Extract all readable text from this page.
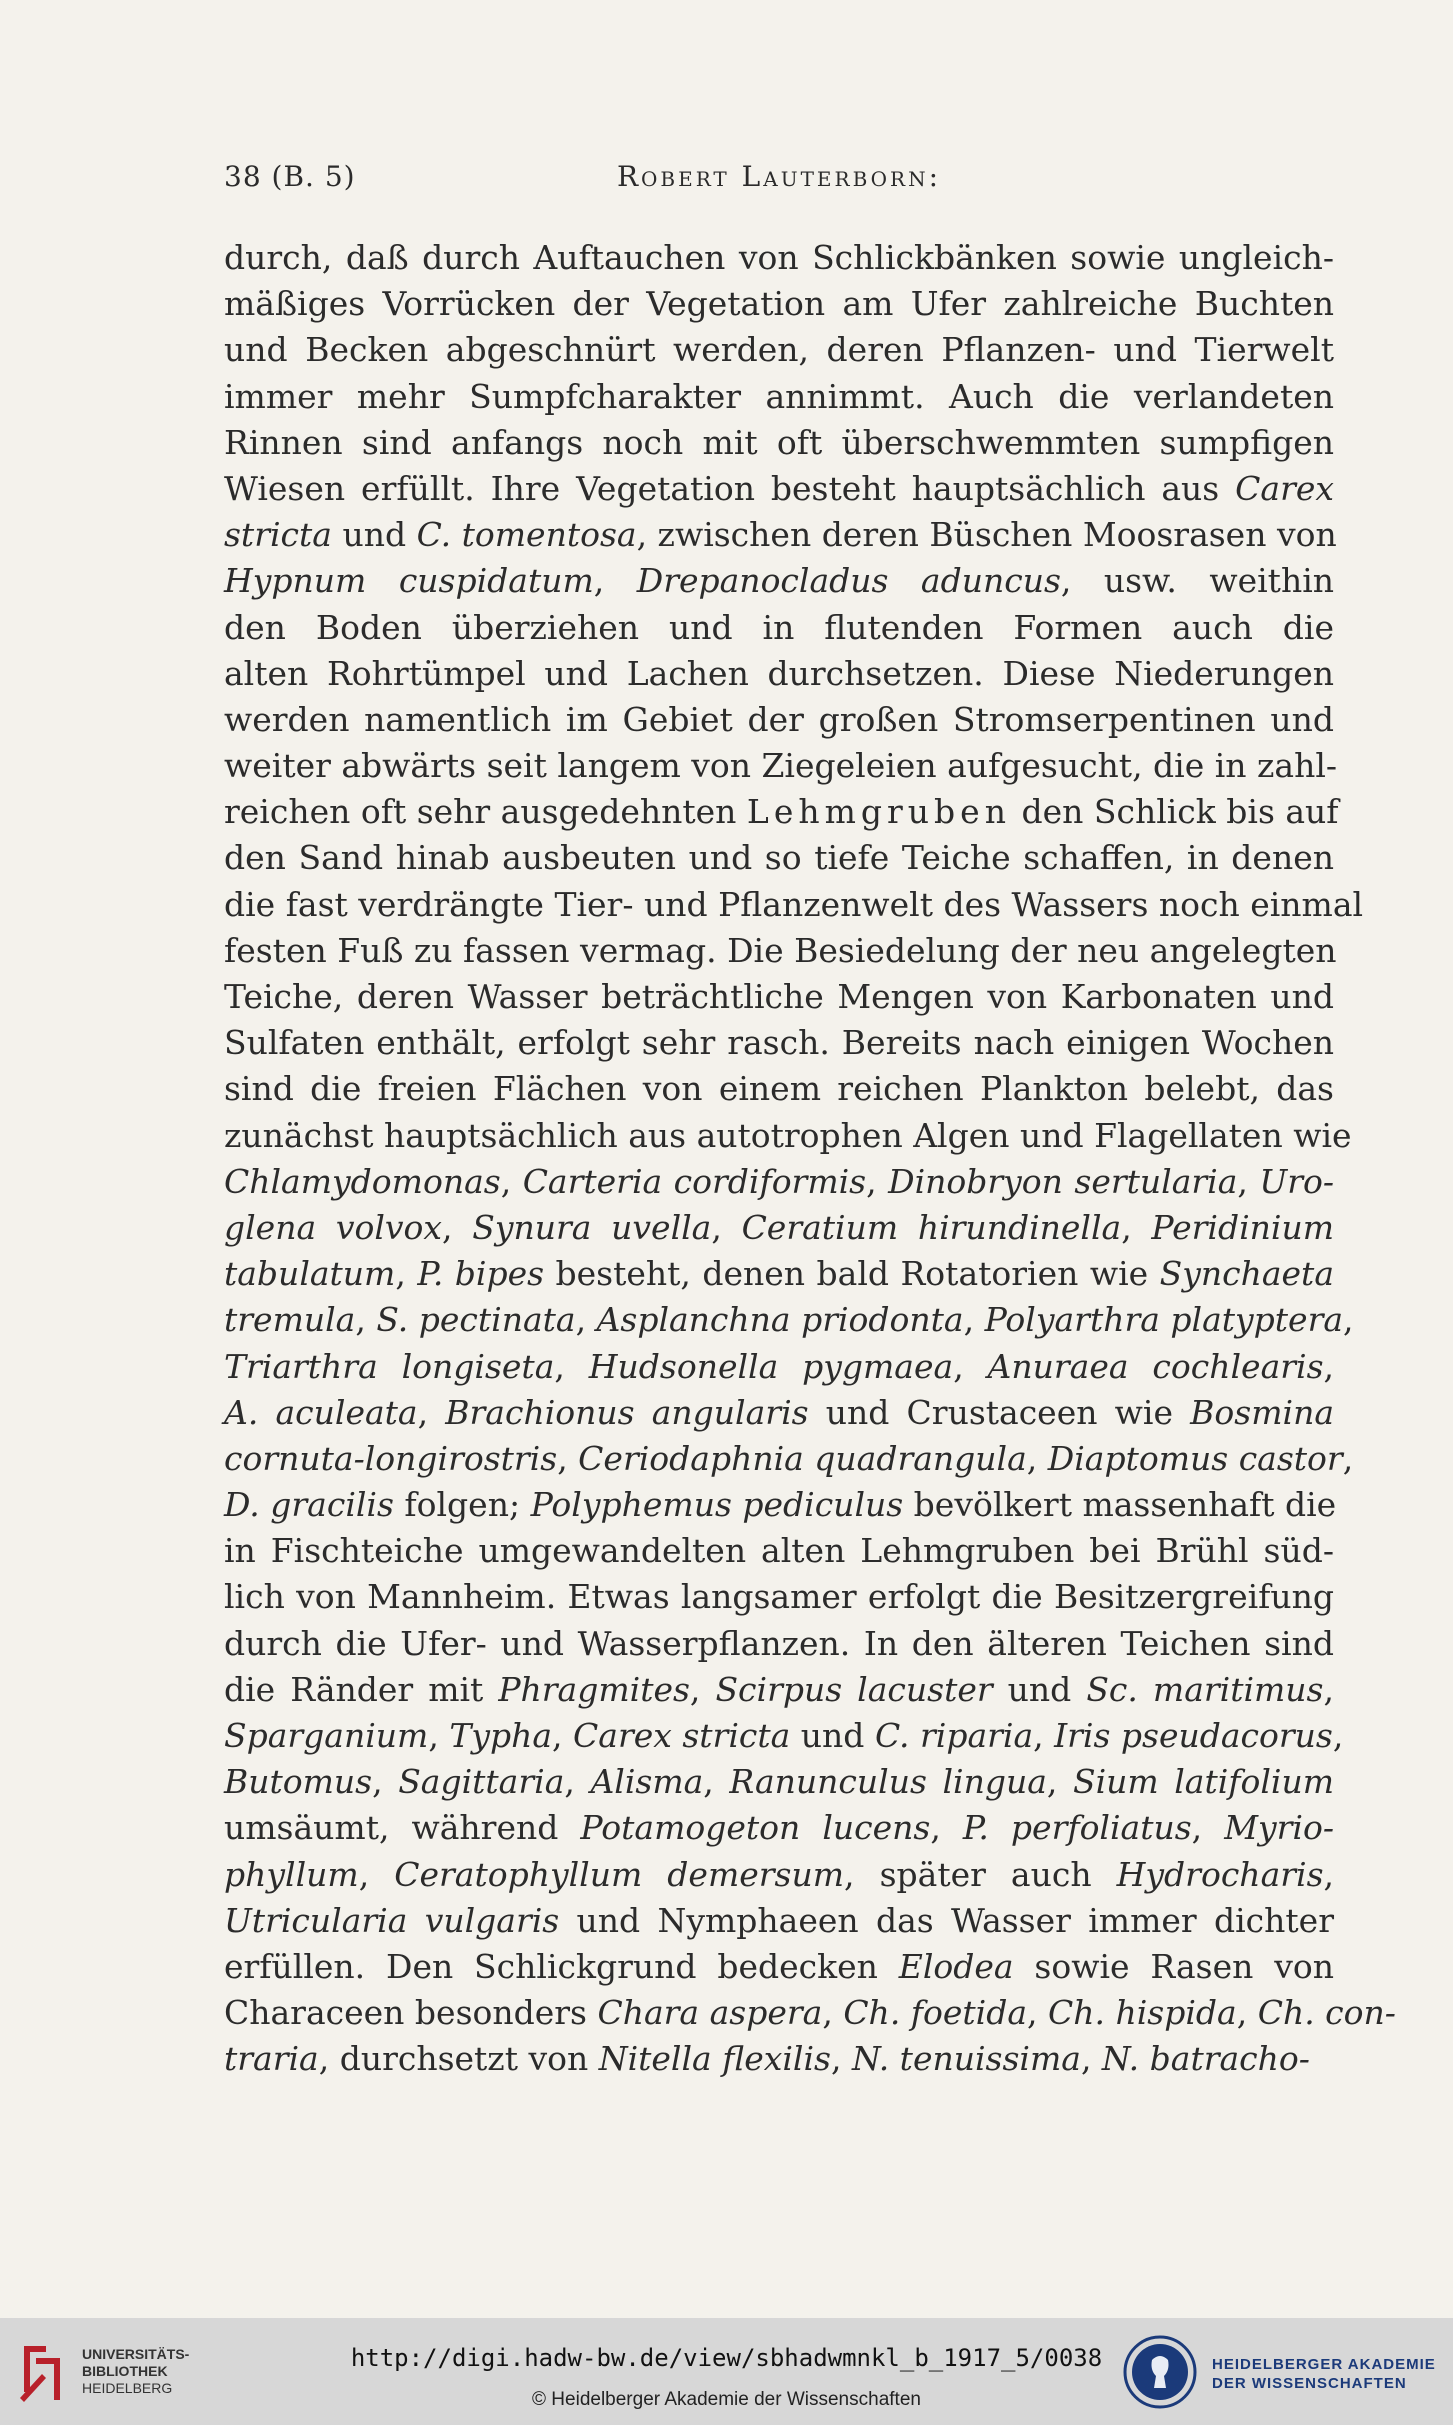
38 (B. 5)	Robert Lauterborn:
durch, daß durch Auftauchen von Schlickbänken sowie ungleich-
mäßiges Vorrücken der Vegetation am Ufer zahlreiche Buchten
und Becken abgeschnürt werden, deren Pflanzen- und Tierwelt
immer mehr Sumpfcharakter annimmt. Auch die verlandeten
Rinnen sind anfangs noch mit oft überschwemmten sumpfigen
Wiesen erfüllt. Ihre Vegetation besteht hauptsächlich aus Carex
stricta und C. tomentosa, zwischen deren Büschen Moosrasen von
Hypnum cuspidatum, Drepanocladus aduncus, usw. weithin
den Boden überziehen und in flutenden Formen auch die
alten Rohrtümpel und Lachen durchsetzen. Diese Niederungen
werden namentlich im Gebiet der großen Stromserpentinen und
weiter abwärts seit langem von Ziegeleien aufgesucht, die in zahl-
reichen oft sehr ausgedehnten Lehmgruben den Schlick bis auf
den Sand hinab ausbeuten und so tiefe Teiche schaffen, in denen
die fast verdrängte Tier- und Pflanzenwelt des Wassers noch einmal
festen Fuß zu fassen vermag. Die Besiedelung der neu angelegten
Teiche, deren Wasser beträchtliche Mengen von Karbonaten und
Sulfaten enthält, erfolgt sehr rasch. Bereits nach einigen Wochen
sind die freien Flächen von einem reichen Plankton belebt, das
zunächst hauptsächlich aus autotrophen Algen und Flagellaten wie
Chlamydomonas, Carteria cordiformis, Dinobryon sertularia, Uro-
glena volvox, Synura uvella, Ceratium hirundinella, Peridinium
tabulatum, P. bipes besteht, denen bald Rotatorien wie Synchaeta
tremula, S. pectinata, Asplanchna priodonta, Polyarthra platyptera,
Triarthra longiseta, Hudsonella pygmaea, Anuraea cochlearis,
A. aculeata, Brachionus angularis und Crustaceen wie Bosmina
cornuta-longirostris, Ceriodaphnia quadrangula, Diaptomus castor,
D. gracilis folgen; Polyphemus pediculus bevölkert massenhaft die
in Fischteiche umgewandelten alten Lehmgruben bei Brühl süd-
lich von Mannheim. Etwas langsamer erfolgt die Besitzergreifung
durch die Ufer- und Wasserpflanzen. In den älteren Teichen sind
die Ränder mit Phragmites, Scirpus lacuster und Sc. maritimus,
Sparganium, Typha, Carex stricta und C. riparia, Iris pseudacorus,
Butomus, Sagittaria, Alisma, Ranunculus lingua, Sium latifolium
umsäumt, während Potamogeton lucens, P. perfoliatus, Myrio-
phyllum, Ceratophyllum demersum, später auch Hydrocharis,
Utricularia vulgaris und Nymphaeen das Wasser immer dichter
erfüllen. Den Schlickgrund bedecken Elodea sowie Rasen von
Characeen besonders Chara aspera, Ch. foetida, Ch. hispida, Ch. con-
traria, durchsetzt von Nitella flexilis, N. tenuissima, N. batracho-
UNIVERSITÄTS-
BIBLIOTHEK
HEIDELBERG
http://digi.hadw-bw.de/view/sbhadwmnkl_b_1917_5/0038
© Heidelberger Akademie der Wissenschaften
HEIDELBERGER AKADEMIE
DER WISSENSCHAFTEN
